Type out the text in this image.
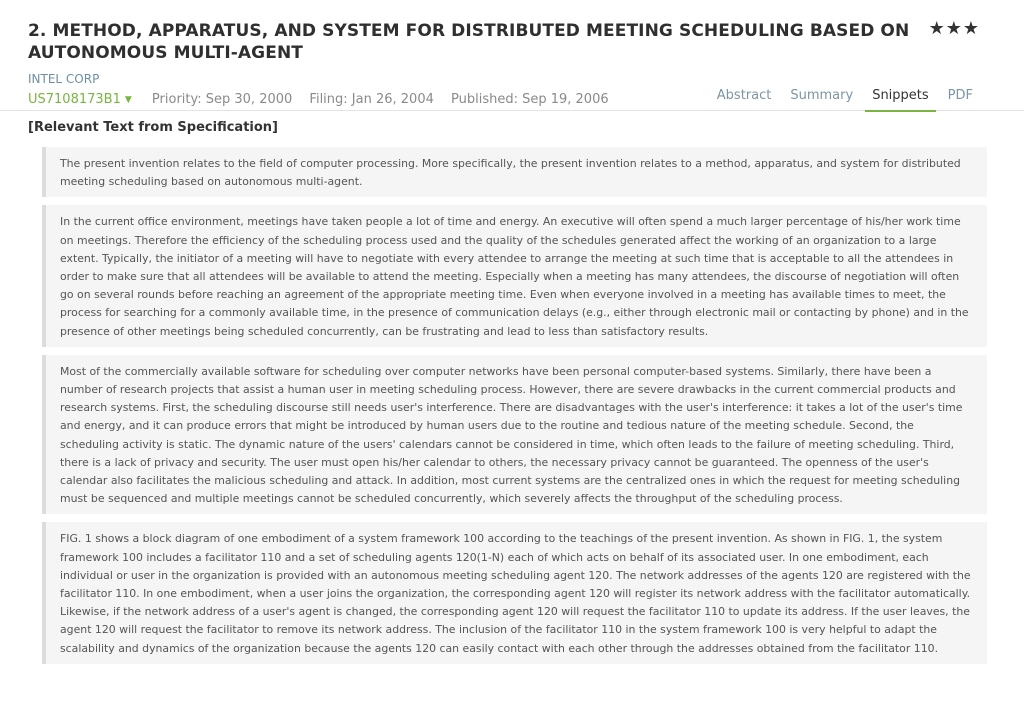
2. METHOD, APPARATUS, AND SYSTEM FOR DISTRIBUTED MEETING SCHEDULING BASED ON AUTONOMOUS MULTI-AGENT
★★★
INTEL CORP
US7108173B1 ▼ Priority: Sep 30, 2000 Filing: Jan 26, 2004 Published: Sep 19, 2006	Abstract	Summary	Snippets	PDF
[Relevant Text from Specification]
The present invention relates to the field of computer processing. More specifically, the present invention relates to a method, apparatus, and system for distributed meeting scheduling based on autonomous multi-agent.
In the current office environment, meetings have taken people a lot of time and energy. An executive will often spend a much larger percentage of his/her work time on meetings. Therefore the efficiency of the scheduling process used and the quality of the schedules generated affect the working of an organization to a large extent. Typically, the initiator of a meeting will have to negotiate with every attendee to arrange the meeting at such time that is acceptable to all the attendees in order to make sure that all attendees will be available to attend the meeting. Especially when a meeting has many attendees, the discourse of negotiation will often go on several rounds before reaching an agreement of the appropriate meeting time. Even when everyone involved in a meeting has available times to meet, the process for searching for a commonly available time, in the presence of communication delays (e.g., either through electronic mail or contacting by phone) and in the presence of other meetings being scheduled concurrently, can be frustrating and lead to less than satisfactory results.
Most of the commercially available software for scheduling over computer networks have been personal computer-based systems. Similarly, there have been a number of research projects that assist a human user in meeting scheduling process. However, there are severe drawbacks in the current commercial products and research systems. First, the scheduling discourse still needs user's interference. There are disadvantages with the user's interference: it takes a lot of the user's time and energy, and it can produce errors that might be introduced by human users due to the routine and tedious nature of the meeting schedule. Second, the scheduling activity is static. The dynamic nature of the users' calendars cannot be considered in time, which often leads to the failure of meeting scheduling. Third, there is a lack of privacy and security. The user must open his/her calendar to others, the necessary privacy cannot be guaranteed. The openness of the user's calendar also facilitates the malicious scheduling and attack. In addition, most current systems are the centralized ones in which the request for meeting scheduling must be sequenced and multiple meetings cannot be scheduled concurrently, which severely affects the throughput of the scheduling process.
FIG. 1 shows a block diagram of one embodiment of a system framework 100 according to the teachings of the present invention. As shown in FIG. 1, the system framework 100 includes a facilitator 110 and a set of scheduling agents 120(1-N) each of which acts on behalf of its associated user. In one embodiment, each individual or user in the organization is provided with an autonomous meeting scheduling agent 120. The network addresses of the agents 120 are registered with the facilitator 110. In one embodiment, when a user joins the organization, the corresponding agent 120 will register its network address with the facilitator automatically. Likewise, if the network address of a user's agent is changed, the corresponding agent 120 will request the facilitator 110 to update its address. If the user leaves, the agent 120 will request the facilitator to remove its network address. The inclusion of the facilitator 110 in the system framework 100 is very helpful to adapt the scalability and dynamics of the organization because the agents 120 can easily contact with each other through the addresses obtained from the facilitator 110.
